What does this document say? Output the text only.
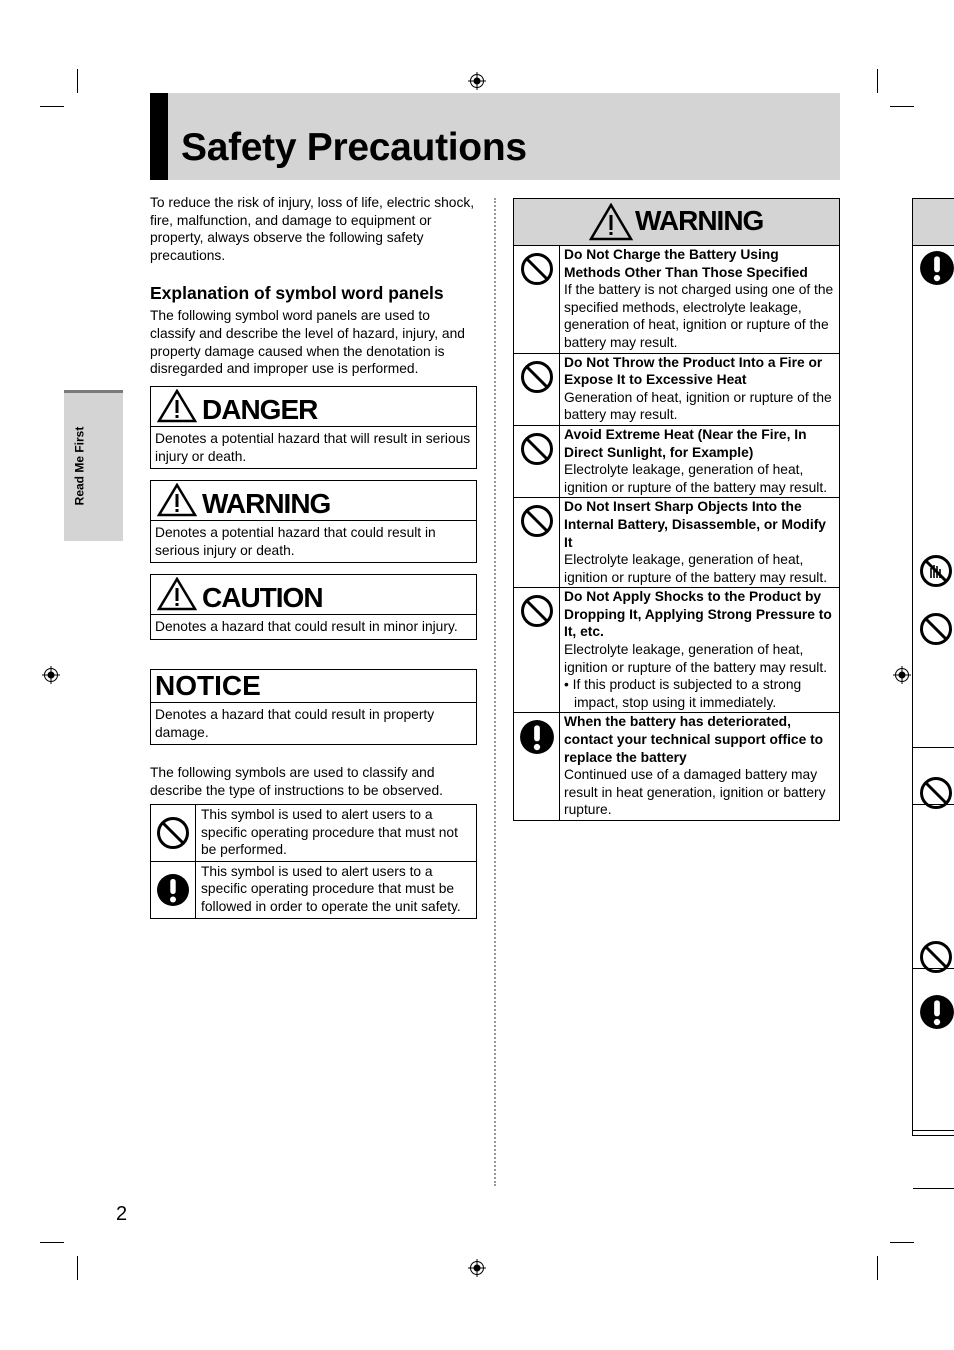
Safety Precautions
Read Me First

To reduce the risk of injury, loss of life, electric shock, fire, malfunction, and damage to equipment or property, always observe the following safety precautions.

Explanation of symbol word panels

The following symbol word panels are used to classify and describe the level of hazard, injury, and property damage caused when the denotation is disregarded and improper use is performed.

DANGER
Denotes a potential hazard that will result in serious injury or death.
WARNING
Denotes a potential hazard that could result in serious injury or death.
CAUTION
Denotes a hazard that could result in minor injury.
NOTICE
Denotes a hazard that could result in property damage.

The following symbols are used to classify and describe the type of instructions to be observed.

This symbol is used to alert users to a specific operating procedure that must not be performed.
This symbol is used to alert users to a specific operating procedure that must be followed in order to operate the unit safety.
WARNING
Do Not Charge the Battery Using Methods Other Than Those Specified
If the battery is not charged using one of the specified methods, electrolyte leakage, generation of heat, ignition or rupture of the battery may result.
Do Not Throw the Product Into a Fire or Expose It to Excessive Heat
Generation of heat, ignition or rupture of the battery may result.
Avoid Extreme Heat (Near the Fire, In Direct Sunlight, for Example)
Electrolyte leakage, generation of heat, ignition or rupture of the battery may result.
Do Not Insert Sharp Objects Into the Internal Battery, Disassemble, or Modify It
Electrolyte leakage, generation of heat, ignition or rupture of the battery may result.
Do Not Apply Shocks to the Product by Dropping It, Applying Strong Pressure to It, etc.
Electrolyte leakage, generation of heat, ignition or rupture of the battery may result.
• If this product is subjected to a strong impact, stop using it immediately.
When the battery has deteriorated, contact your technical support office to replace the battery
Continued use of a damaged battery may result in heat generation, ignition or battery rupture.
2
